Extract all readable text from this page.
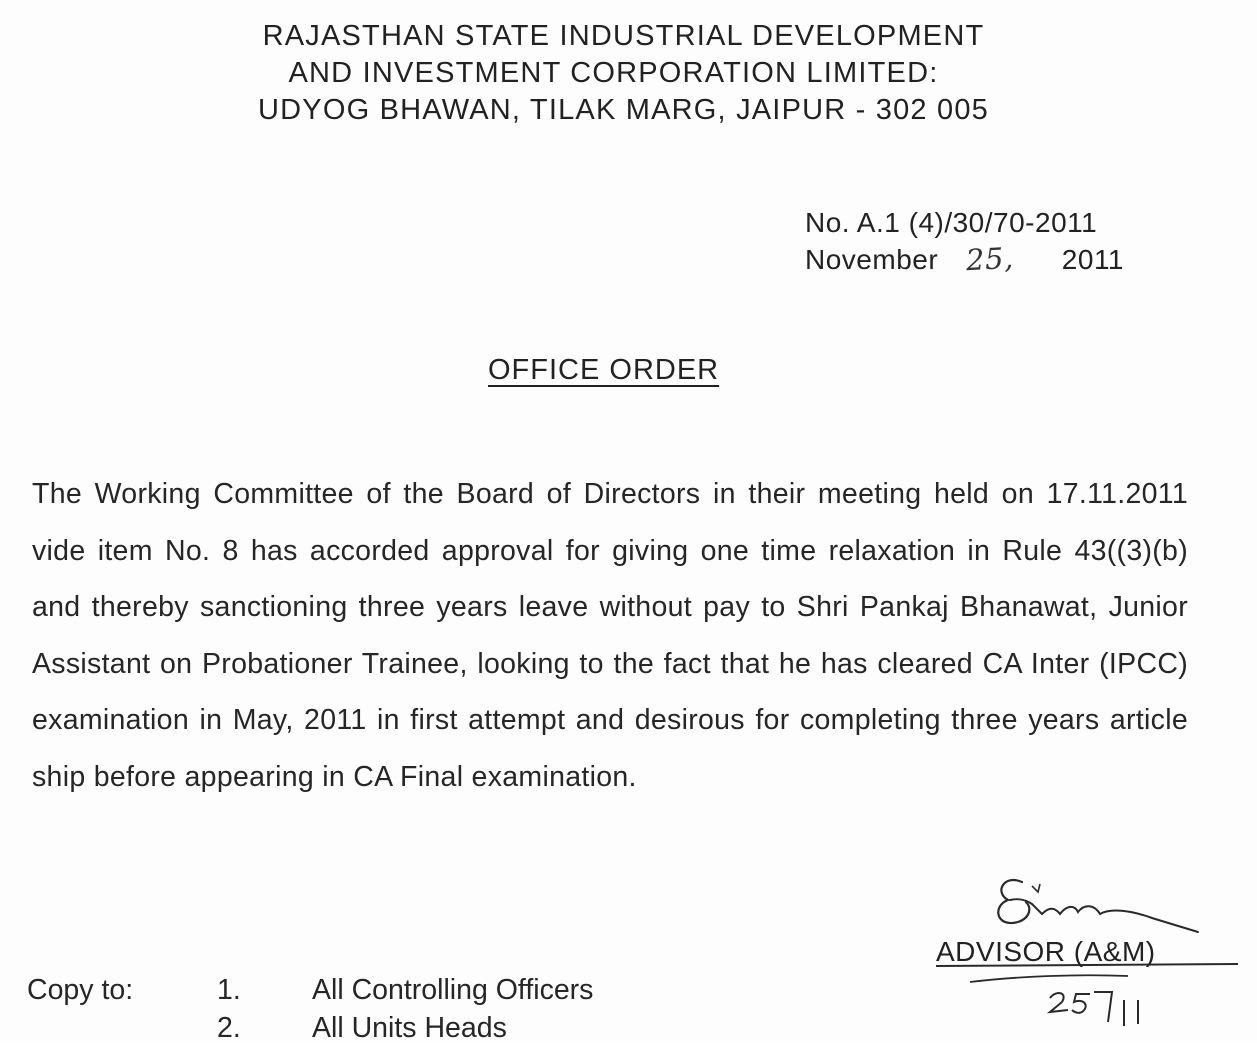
RAJASTHAN STATE INDUSTRIAL DEVELOPMENT
AND INVESTMENT CORPORATION LIMITED:
UDYOG BHAWAN, TILAK MARG, JAIPUR - 302 005
No. A.1 (4)/30/70-2011
November 25, 2011
OFFICE ORDER
The Working Committee of the Board of Directors in their meeting held on 17.11.2011 vide item No. 8 has accorded approval for giving one time relaxation in Rule 43((3)(b) and thereby sanctioning three years leave without pay to Shri Pankaj Bhanawat, Junior Assistant on Probationer Trainee, looking to the fact that he has cleared CA Inter (IPCC) examination in May, 2011 in first attempt and desirous for completing three years article ship before appearing in CA Final examination.
ADVISOR (A&M)
Copy to:	1. All Controlling Officers
2. All Units Heads
